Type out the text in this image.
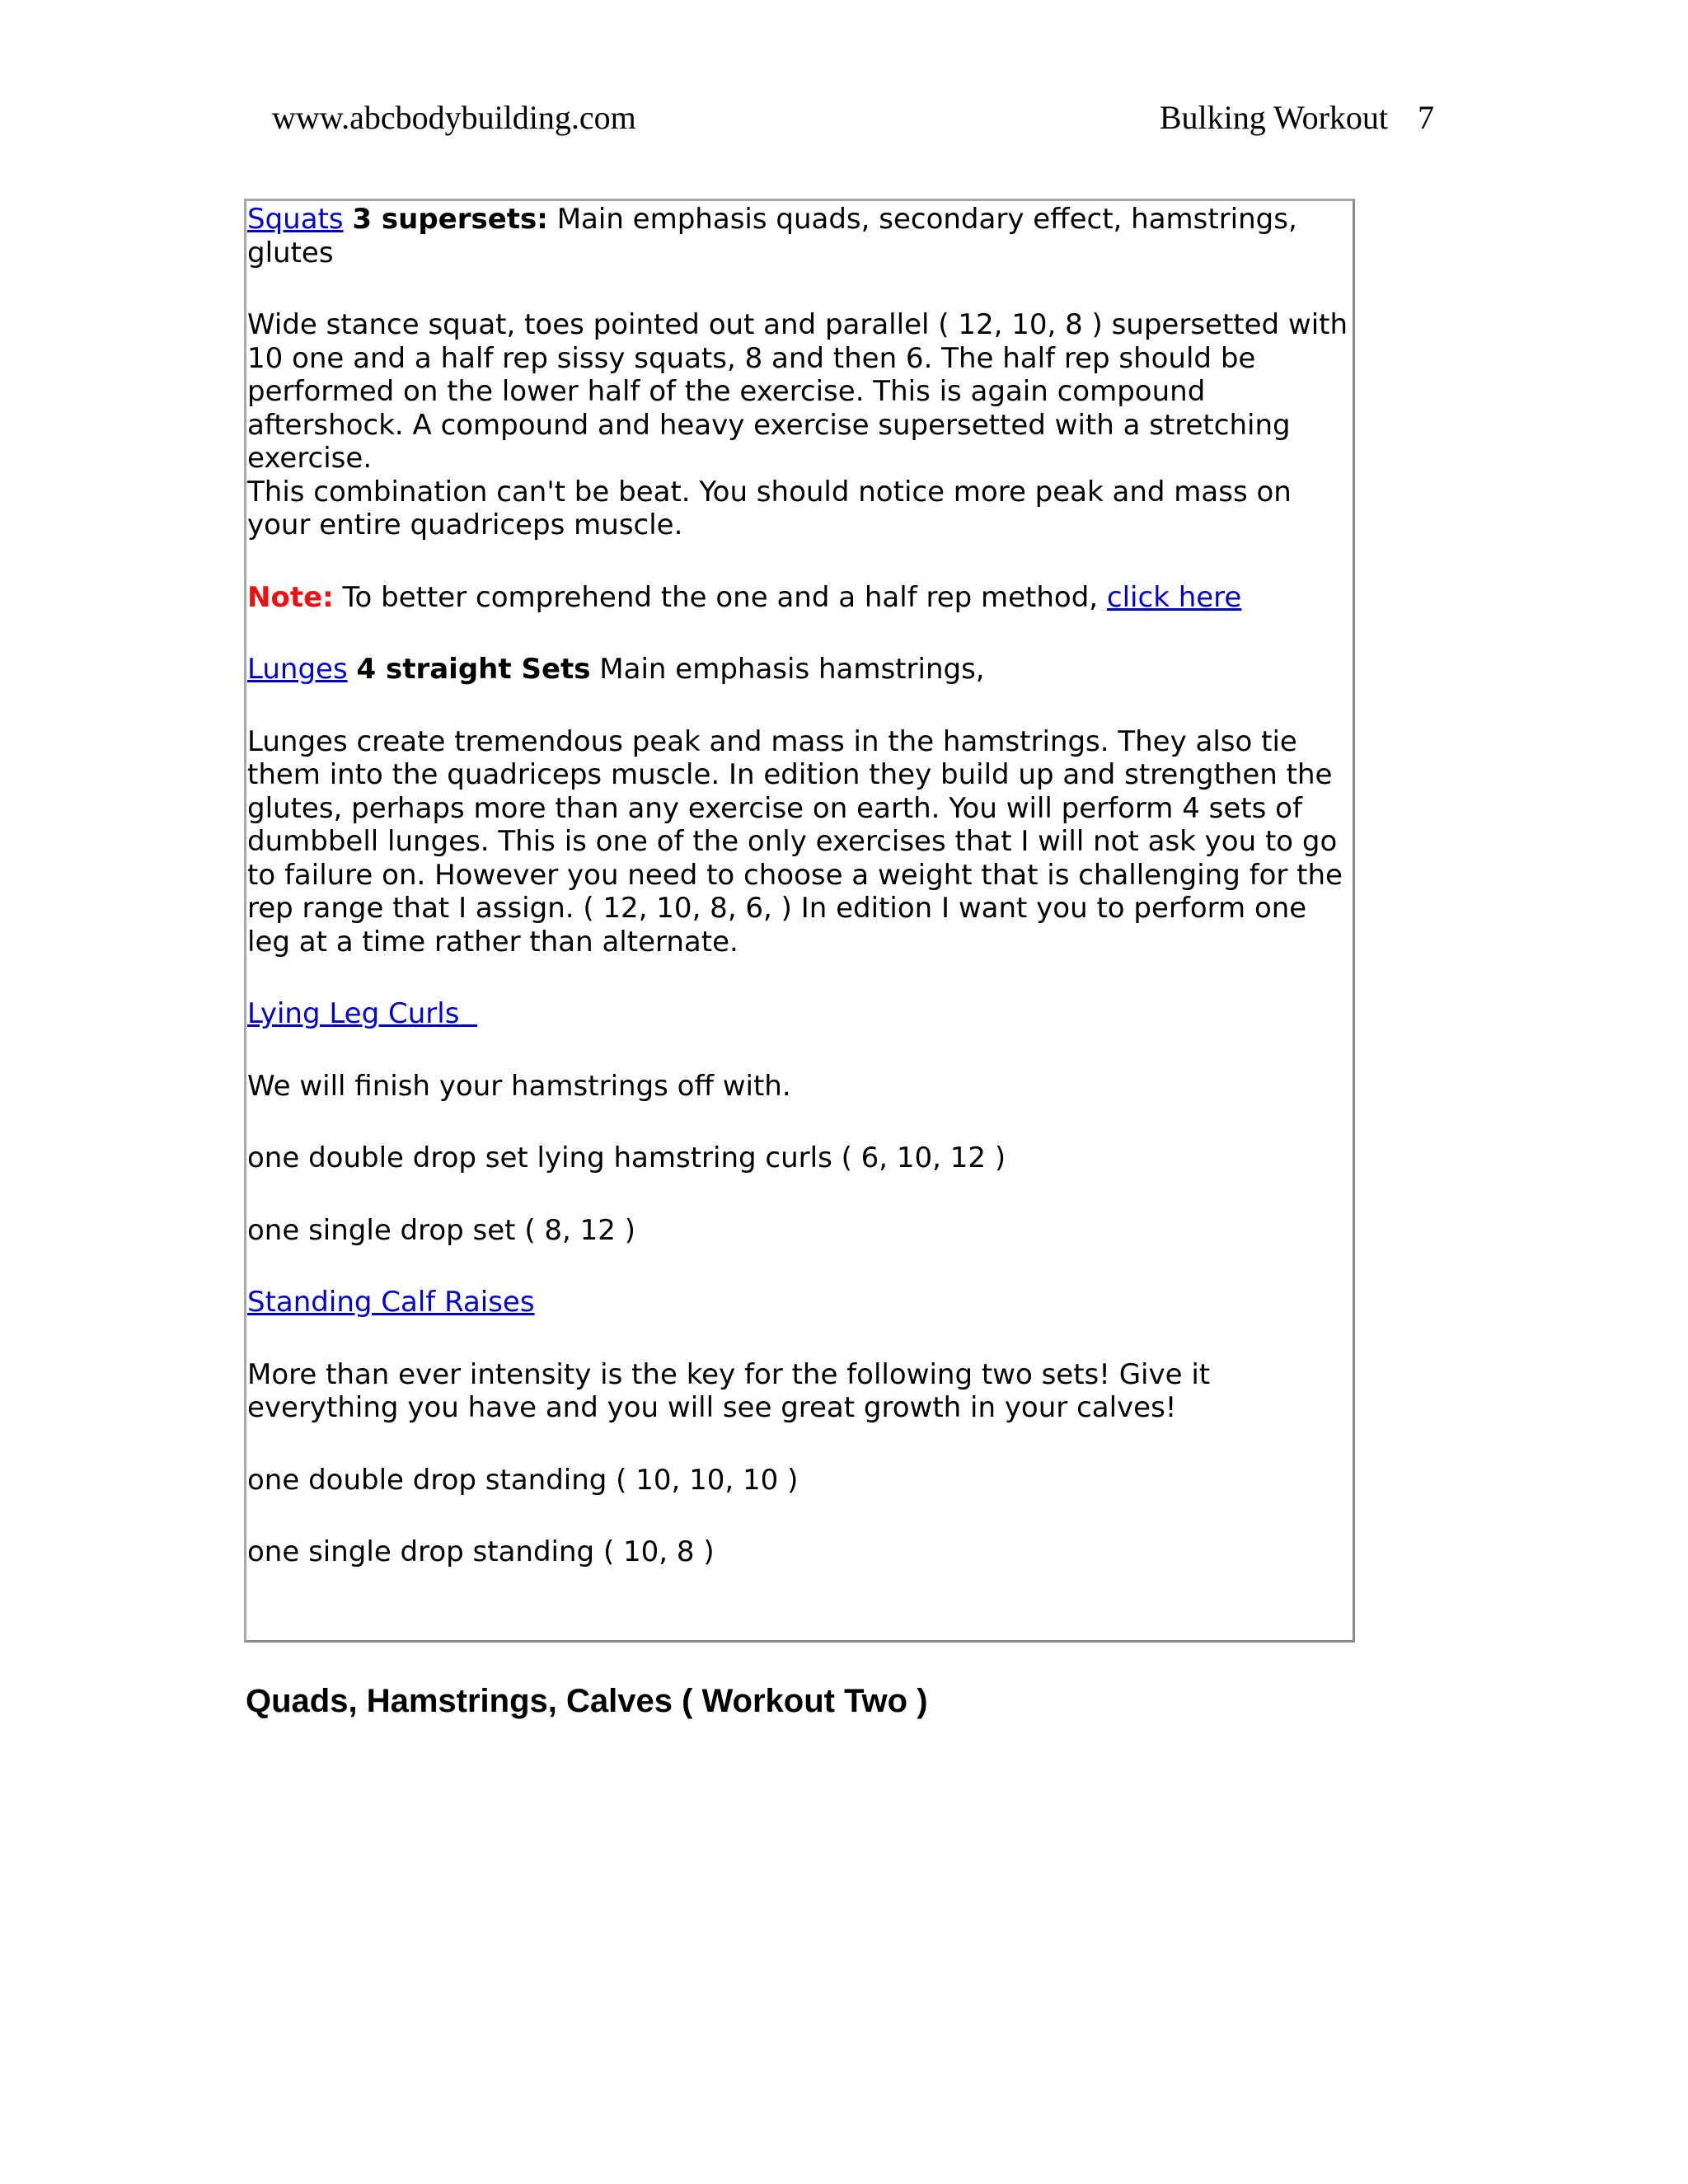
www.abcbodybuilding.com	Bulking Workout 7

Squats 3 supersets: Main emphasis quads, secondary effect, hamstrings, glutes

Wide stance squat, toes pointed out and parallel ( 12, 10, 8 ) supersetted with 10 one and a half rep sissy squats, 8 and then 6. The half rep should be performed on the lower half of the exercise. This is again compound aftershock. A compound and heavy exercise supersetted with a stretching exercise.

This combination can't be beat. You should notice more peak and mass on your entire quadriceps muscle.

Note: To better comprehend the one and a half rep method, click here

Lunges 4 straight Sets Main emphasis hamstrings,

Lunges create tremendous peak and mass in the hamstrings. They also tie them into the quadriceps muscle. In edition they build up and strengthen the glutes, perhaps more than any exercise on earth. You will perform 4 sets of dumbbell lunges. This is one of the only exercises that I will not ask you to go to failure on. However you need to choose a weight that is challenging for the rep range that I assign. ( 12, 10, 8, 6, ) In edition I want you to perform one leg at a time rather than alternate.

Lying Leg Curls

We will finish your hamstrings off with.

one double drop set lying hamstring curls ( 6, 10, 12 )

one single drop set ( 8, 12 )

Standing Calf Raises

More than ever intensity is the key for the following two sets! Give it everything you have and you will see great growth in your calves!

one double drop standing ( 10, 10, 10 )

one single drop standing ( 10, 8 )

Quads, Hamstrings, Calves ( Workout Two )
